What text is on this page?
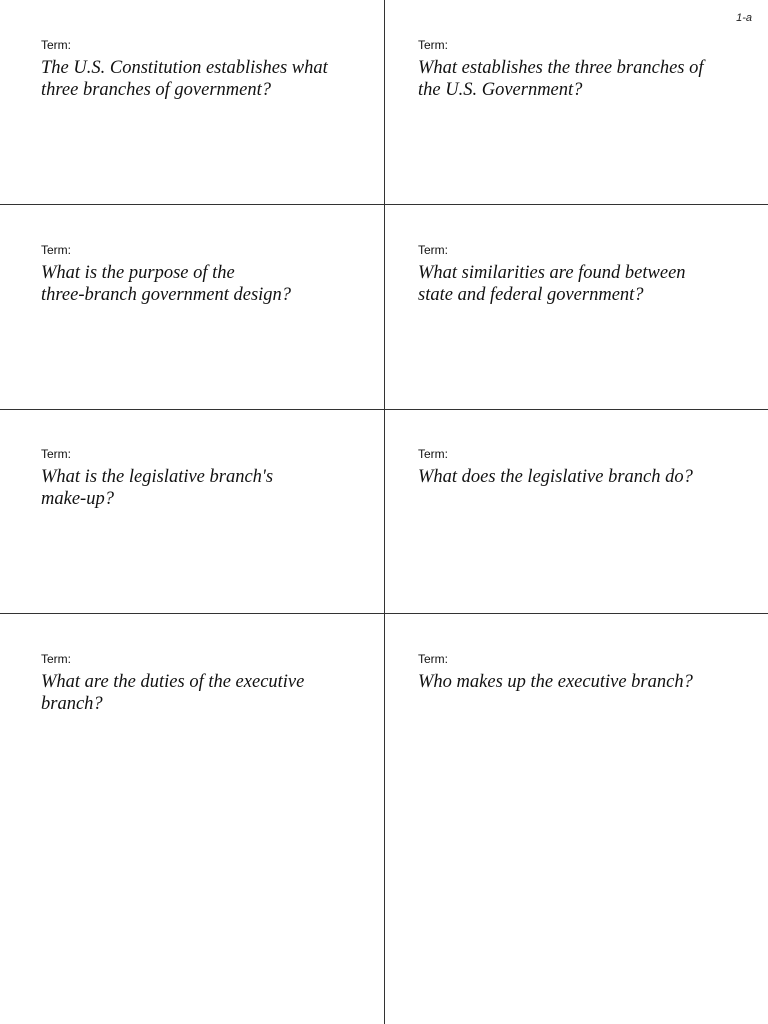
1-a
Term:
The U.S. Constitution establishes what
three branches of government?
Term:
What establishes the three branches of
the U.S. Government?
Term:
What is the purpose of the
three-branch government design?
Term:
What similarities are found between
state and federal government?
Term:
What is the legislative branch's
make-up?
Term:
What does the legislative branch do?
Term:
What are the duties of the executive
branch?
Term:
Who makes up the executive branch?
